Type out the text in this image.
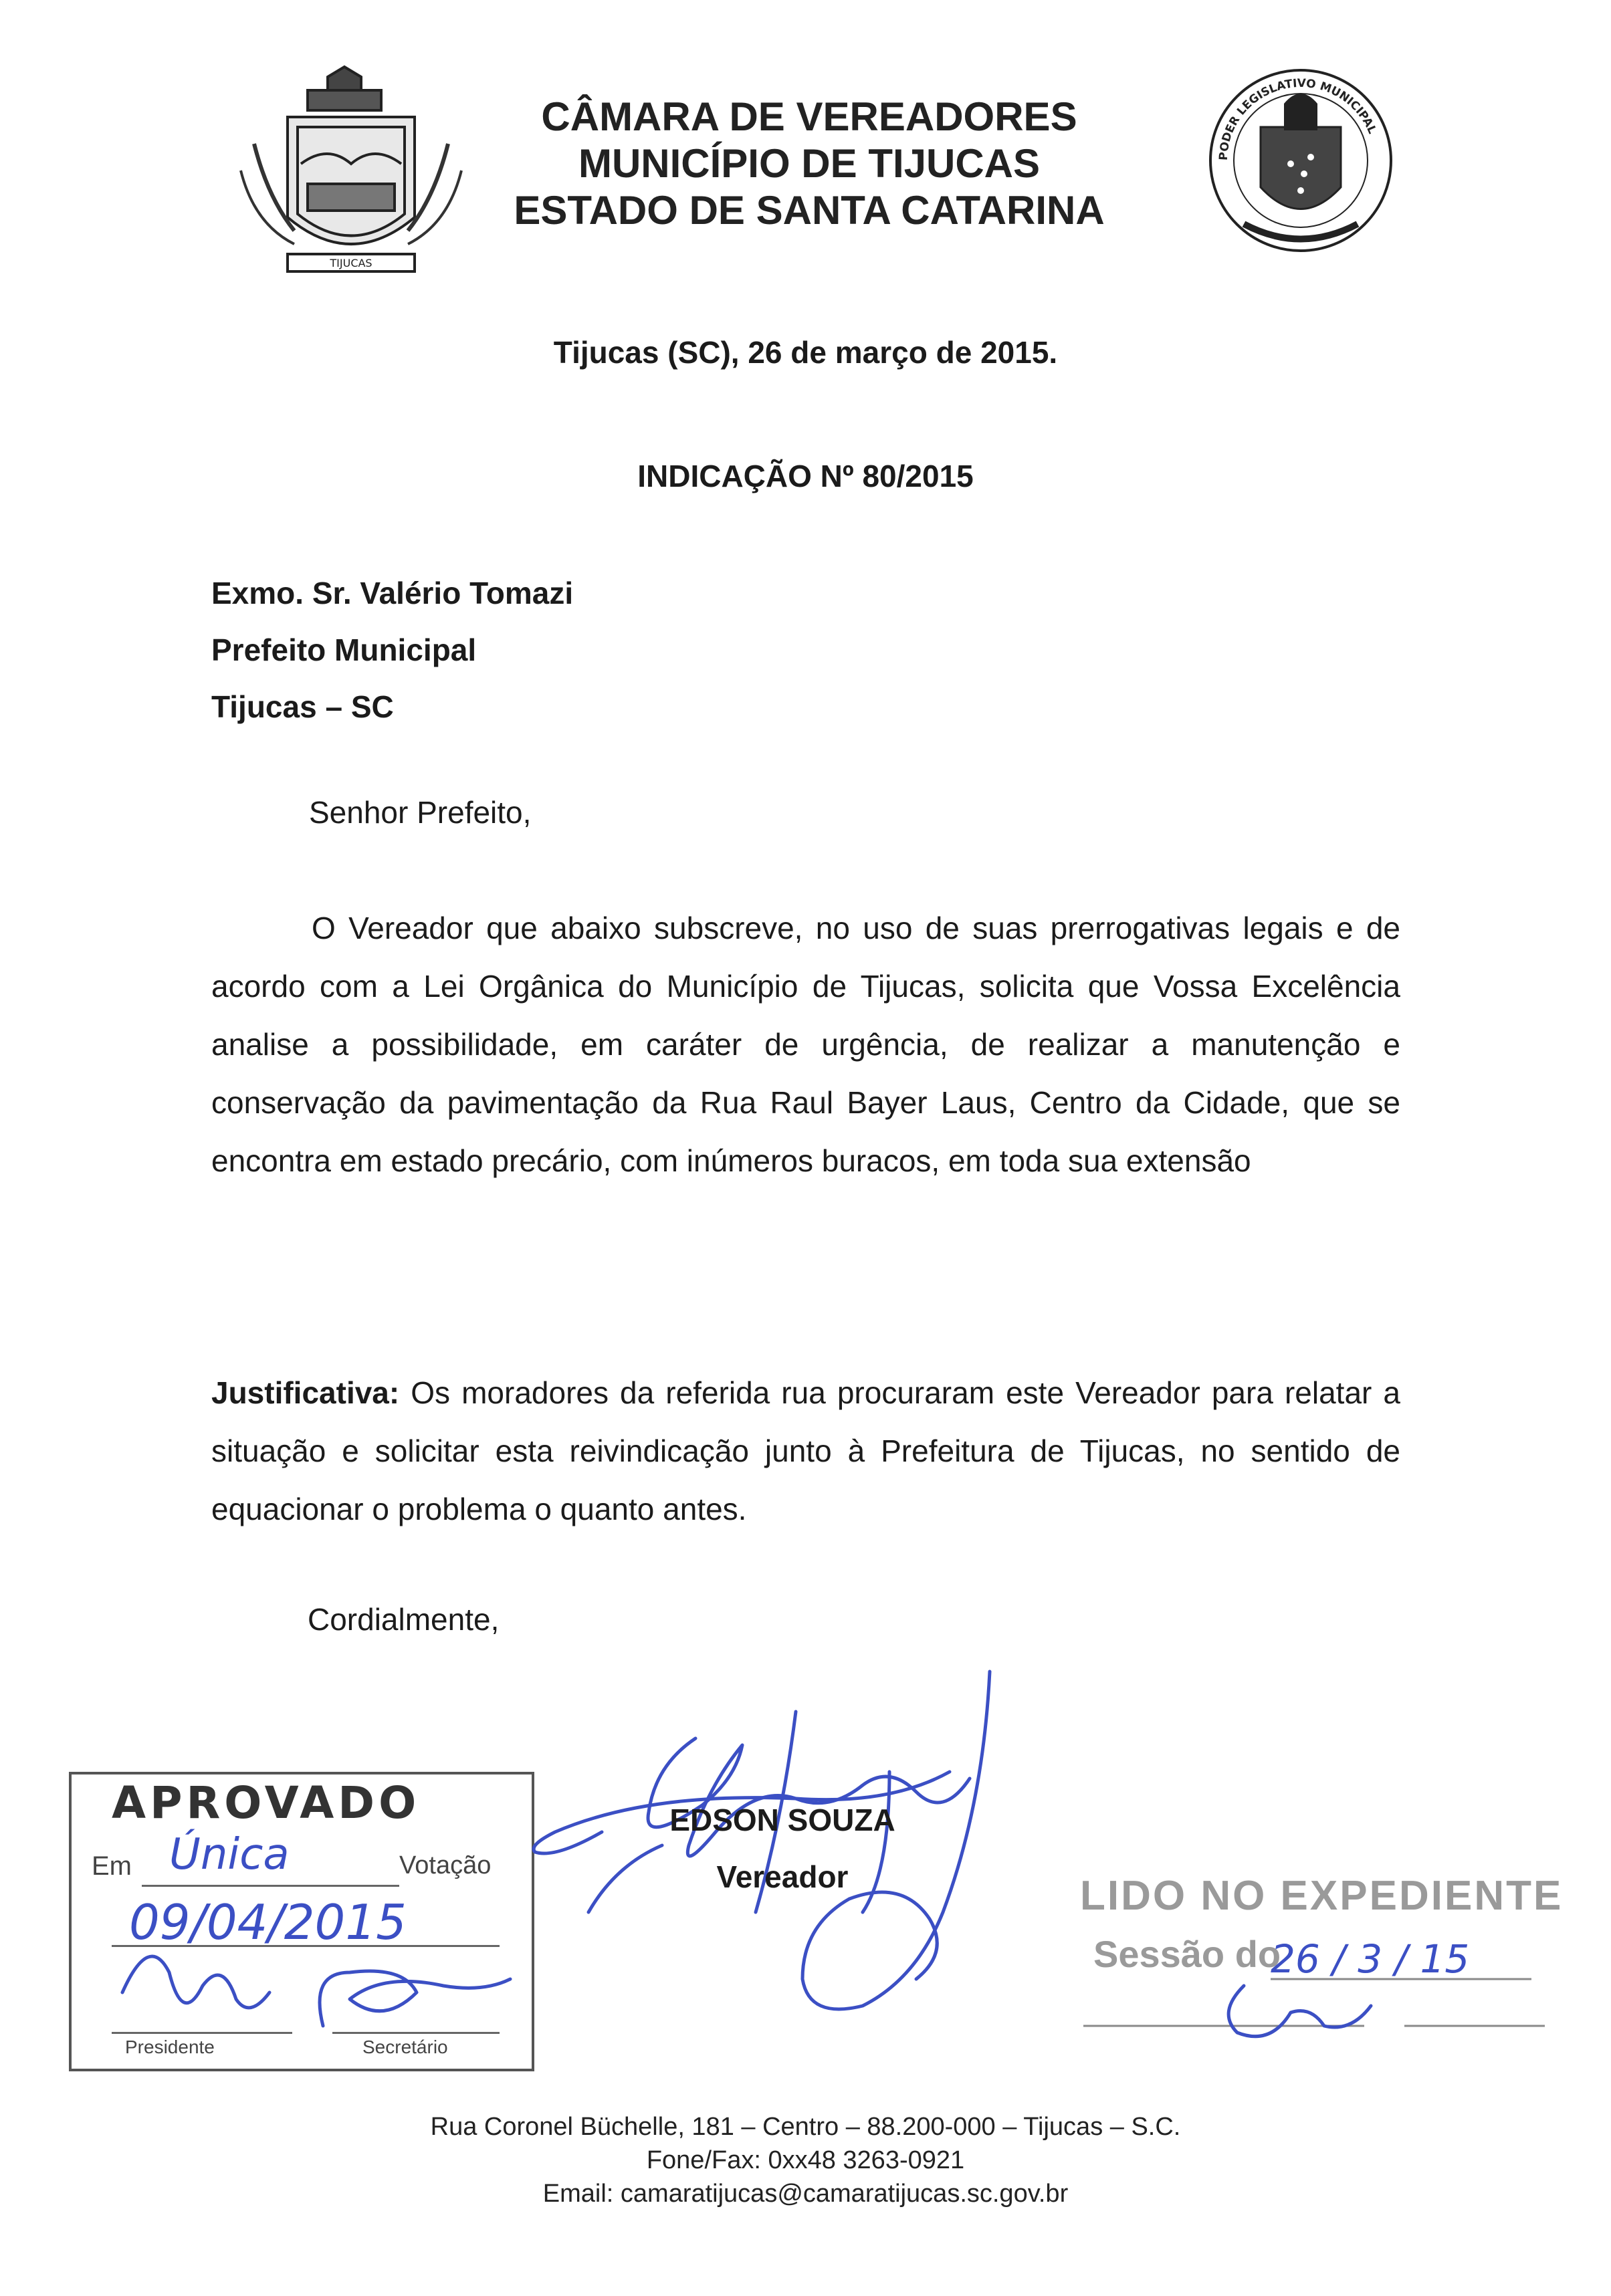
TIJUCAS
CÂMARA DE VEREADORES
MUNICÍPIO DE TIJUCAS
ESTADO DE SANTA CATARINA
PODER LEGISLATIVO MUNICIPAL
Tijucas (SC), 26 de março de 2015.
INDICAÇÃO Nº 80/2015
Exmo. Sr. Valério Tomazi
Prefeito Municipal
Tijucas – SC
Senhor Prefeito,
O Vereador que abaixo subscreve, no uso de suas prerrogativas legais e de acordo com a Lei Orgânica do Município de Tijucas, solicita que Vossa Excelência analise a possibilidade, em caráter de urgência, de realizar a manutenção e conservação da pavimentação da Rua Raul Bayer Laus, Centro da Cidade, que se encontra em estado precário, com inúmeros buracos, em toda sua extensão
Justificativa: Os moradores da referida rua procuraram este Vereador para relatar a situação e solicitar esta reivindicação junto à Prefeitura de Tijucas, no sentido de equacionar o problema o quanto antes.
Cordialmente,
APROVADO
Em	Votação
Presidente	Secretário
Única
09/04/2015
EDSON SOUZA
Vereador	LIDO NO EXPEDIENTE
Sessão do
26 / 3 / 15
Rua Coronel Büchelle, 181 – Centro – 88.200-000 – Tijucas – S.C.
Fone/Fax: 0xx48 3263-0921
Email: camaratijucas@camaratijucas.sc.gov.br
